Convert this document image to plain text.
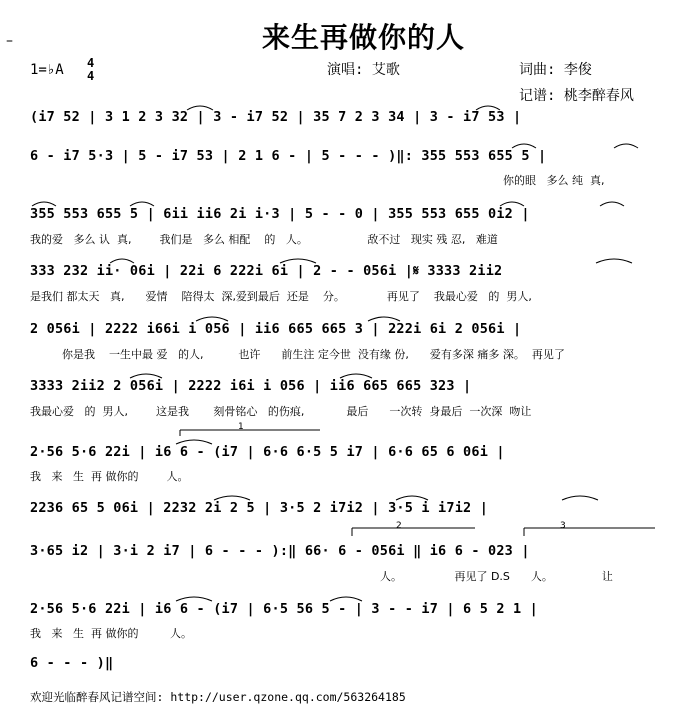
–	来生再做你的人
1=♭A 4
4	演唱: 艾歌	词曲: 李俊
记谱: 桃李醉春风
(i7 52 | 3 1 2 3 32 | 3 - i7 52 | 35 7 2 3 34 | 3 - i7 53 |
6 - i7 5·3 | 5 - i7 53 | 2 1 6 - | 5 - - - )‖: 355 553 655 5 |
你的眼   多么 纯  真,
355 553 655 5 | 6ii iі6 2i i·3 | 5 - - 0 | 355 553 655 0i2 |
我的爱   多么 认  真,        我们是   多么 相配    的   人。                 敌不过   现实 残 忍,   难道
333 232 ii· 06i | 22i 6 222i 6i | 2 - - 056i |𝄋 3333 2ii2
是我们 都太天   真,      爱情    陪得太  深,爱到最后  还是    分。            再见了    我最心爱   的  男人,
2 056i | 2222 i66i i 056 | ii6 665 665 3 | 222i 6i 2 056i |
你是我    一生中最 爱   的人,          也许      前生注 定今世  没有缘 份,      爱有多深 痛多 深。  再见了
3333 2ii2 2 056i | 2222 i6i i 056 | ii6 665 665 323 |
我最心爱   的  男人,        这是我       刻骨铭心   的伤痕,            最后      一次转  身最后  一次深  吻让
2·56 5·6 22i | i6 6 - (i7 | 6·6 6·5 5 i7 | 6·6 65 6 06i |
我   来   生  再 做你的        人。
1
2236 65 5 06i | 2232 2i 2 5 | 3·5 2 i7i2 | 3·5 i i7i2 |
3·65 i2 | 3·i 2 i7 | 6 - - - ):‖ 66· 6 - 056i ‖ i6 6 - 023 |
人。               再见了 D.S      人。              让
2	3
2·56 5·6 22i | i6 6 - (i7 | 6·5 56 5 - | 3 - - i7 | 6 5 2 1 |
我   来   生  再 做你的         人。
6 - - - )‖
欢迎光临醉春风记谱空间: http://user.qzone.qq.com/563264185
